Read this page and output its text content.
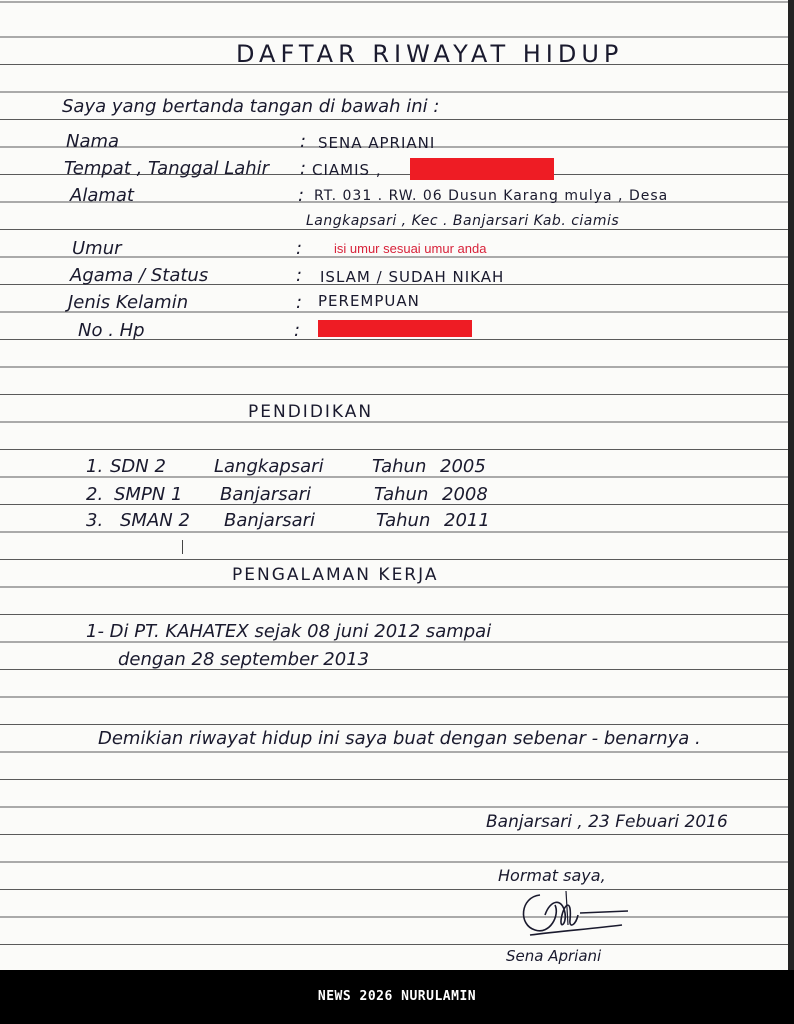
DAFTAR RIWAYAT HIDUP
Saya yang bertanda tangan di bawah ini :
Nama	: SENA APRIANI
Tempat , Tanggal Lahir : CIAMIS ,
Alamat	: RT. 031 . RW. 06 Dusun Karang mulya , Desa
Langkapsari , Kec . Banjarsari Kab. ciamis
Umur	: isi umur sesuai umur anda
Agama / Status	: ISLAM / SUDAH NIKAH
Jenis Kelamin	: PEREMPUAN
No . Hp	:
PENDIDIKAN
1. SDN 2	Langkapsari	Tahun 2005
2. SMPN 1 Banjarsari	Tahun 2008
3. SMAN 2 Banjarsari	Tahun 2011
PENGALAMAN KERJA
1- Di PT. KAHATEX sejak 08 juni 2012 sampai
dengan 28 september 2013
Demikian riwayat hidup ini saya buat dengan sebenar - benarnya .
Banjarsari , 23 Febuari 2016
Hormat saya,
Sena Apriani
NEWS 2026 NURULAMIN
